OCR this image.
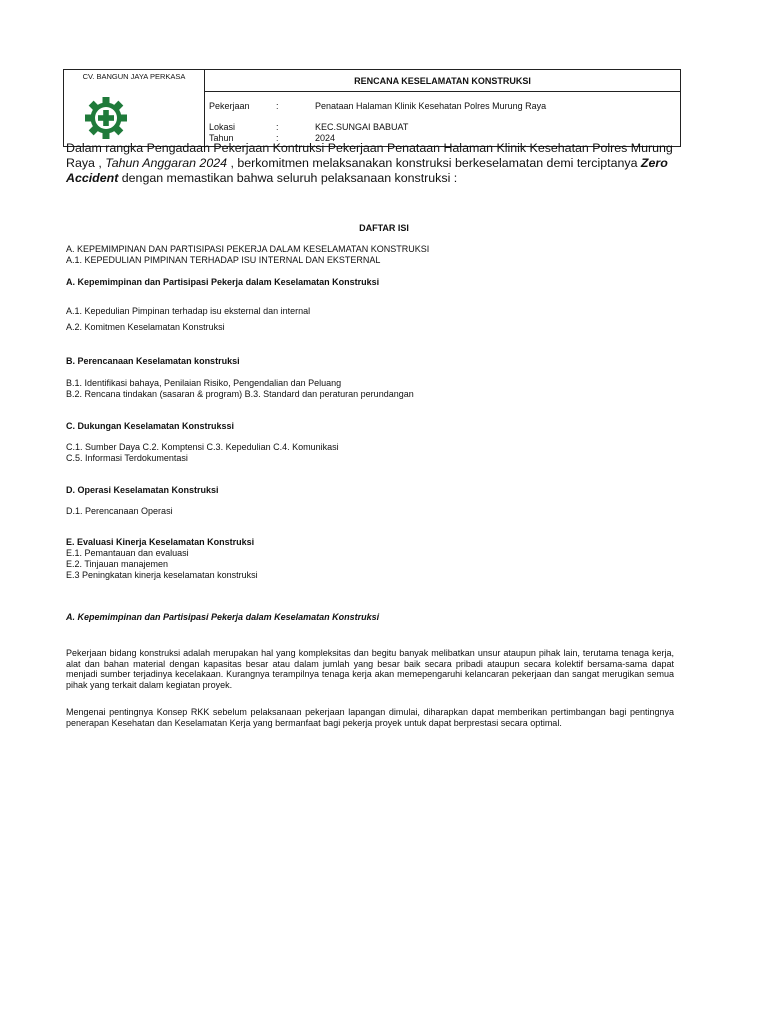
CV. BANGUN JAYA PERKASA	RENCANA KESELAMATAN KONSTRUKSI
Pekerjaan	:	Penataan Halaman Klinik Kesehatan Polres Murung Raya
Lokasi	:	KEC.SUNGAI BABUAT
Tahun	:	2024
Dalam rangka Pengadaan Pekerjaan Kontruksi Pekerjaan Penataan Halaman Klinik Kesehatan Polres Murung Raya , Tahun Anggaran 2024 , berkomitmen melaksanakan konstruksi berkeselamatan demi terciptanya Zero Accident dengan memastikan bahwa seluruh pelaksanaan konstruksi :
DAFTAR ISI
A. KEPEMIMPINAN DAN PARTISIPASI PEKERJA DALAM KESELAMATAN KONSTRUKSI
A.1. KEPEDULIAN PIMPINAN TERHADAP ISU INTERNAL DAN EKSTERNAL
A. Kepemimpinan dan Partisipasi Pekerja dalam Keselamatan Konstruksi
A.1. Kepedulian Pimpinan terhadap isu eksternal dan internal
A.2. Komitmen Keselamatan Konstruksi
B. Perencanaan Keselamatan konstruksi
B.1. Identifikasi bahaya, Penilaian Risiko, Pengendalian dan Peluang
B.2. Rencana tindakan (sasaran & program) B.3. Standard dan peraturan perundangan
C. Dukungan Keselamatan Konstrukssi
C.1. Sumber Daya C.2. Komptensi C.3. Kepedulian C.4. Komunikasi
C.5. Informasi Terdokumentasi
D. Operasi Keselamatan Konstruksi
D.1. Perencanaan Operasi
E. Evaluasi Kinerja Keselamatan Konstruksi
E.1. Pemantauan dan evaluasi
E.2. Tinjauan manajemen
E.3 Peningkatan kinerja keselamatan konstruksi
A. Kepemimpinan dan Partisipasi Pekerja dalam Keselamatan Konstruksi
Pekerjaan bidang konstruksi adalah merupakan hal yang kompleksitas dan begitu banyak melibatkan unsur ataupun pihak lain, terutama tenaga kerja, alat dan bahan material dengan kapasitas besar atau dalam jumlah yang besar baik secara pribadi ataupun secara kolektif bersama-sama dapat menjadi sumber terjadinya kecelakaan. Kurangnya terampilnya tenaga kerja akan memepengaruhi kelancaran pekerjaan dan sangat merugikan semua pihak yang terkait dalam kegiatan proyek.
Mengenai pentingnya Konsep RKK sebelum pelaksanaan pekerjaan lapangan dimulai, diharapkan dapat memberikan pertimbangan bagi pentingnya penerapan Kesehatan dan Keselamatan Kerja yang bermanfaat bagi pekerja proyek untuk dapat berprestasi secara optimal.
